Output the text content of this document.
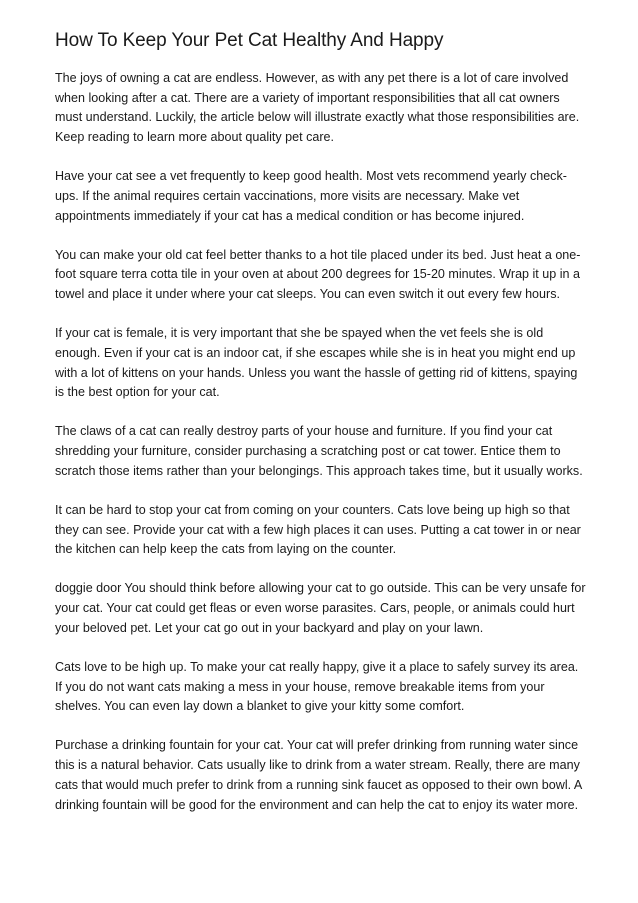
How To Keep Your Pet Cat Healthy And Happy

The joys of owning a cat are endless. However, as with any pet there is a lot of care involved when looking after a cat. There are a variety of important responsibilities that all cat owners must understand. Luckily, the article below will illustrate exactly what those responsibilities are. Keep reading to learn more about quality pet care.

Have your cat see a vet frequently to keep good health. Most vets recommend yearly check-ups. If the animal requires certain vaccinations, more visits are necessary. Make vet appointments immediately if your cat has a medical condition or has become injured.

You can make your old cat feel better thanks to a hot tile placed under its bed. Just heat a one-foot square terra cotta tile in your oven at about 200 degrees for 15-20 minutes. Wrap it up in a towel and place it under where your cat sleeps. You can even switch it out every few hours.

If your cat is female, it is very important that she be spayed when the vet feels she is old enough. Even if your cat is an indoor cat, if she escapes while she is in heat you might end up with a lot of kittens on your hands. Unless you want the hassle of getting rid of kittens, spaying is the best option for your cat.

The claws of a cat can really destroy parts of your house and furniture. If you find your cat shredding your furniture, consider purchasing a scratching post or cat tower. Entice them to scratch those items rather than your belongings. This approach takes time, but it usually works.

It can be hard to stop your cat from coming on your counters. Cats love being up high so that they can see. Provide your cat with a few high places it can uses. Putting a cat tower in or near the kitchen can help keep the cats from laying on the counter.

doggie door You should think before allowing your cat to go outside. This can be very unsafe for your cat. Your cat could get fleas or even worse parasites. Cars, people, or animals could hurt your beloved pet. Let your cat go out in your backyard and play on your lawn.

Cats love to be high up. To make your cat really happy, give it a place to safely survey its area. If you do not want cats making a mess in your house, remove breakable items from your shelves. You can even lay down a blanket to give your kitty some comfort.

Purchase a drinking fountain for your cat. Your cat will prefer drinking from running water since this is a natural behavior. Cats usually like to drink from a water stream. Really, there are many cats that would much prefer to drink from a running sink faucet as opposed to their own bowl. A drinking fountain will be good for the environment and can help the cat to enjoy its water more.
